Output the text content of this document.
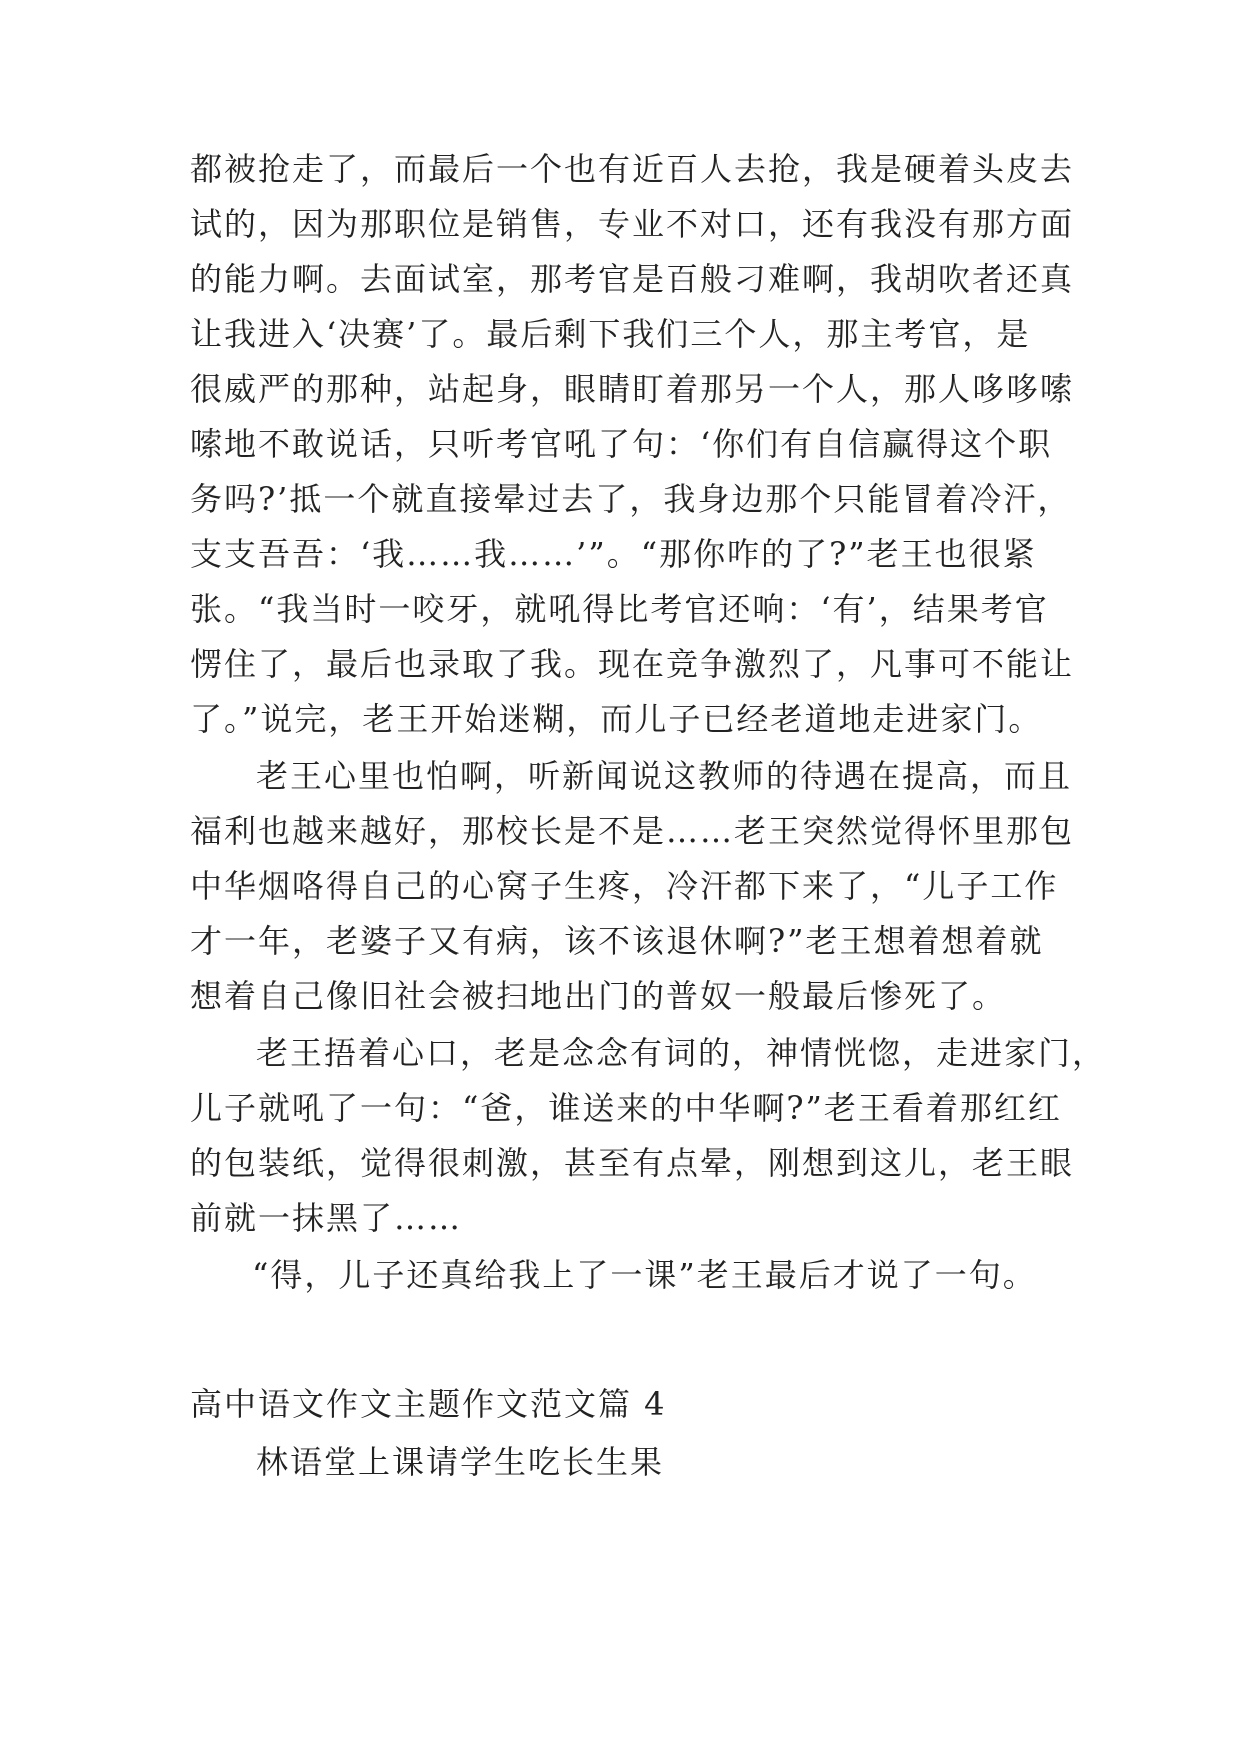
都被抢走了，而最后一个也有近百人去抢，我是硬着头皮去
试的，因为那职位是销售，专业不对口，还有我没有那方面
的能力啊。去面试室，那考官是百般刁难啊，我胡吹者还真
让我进入‘决赛’了。最后剩下我们三个人，那主考官，是
很威严的那种，站起身，眼睛盯着那另一个人，那人哆哆嗦
嗦地不敢说话，只听考官吼了句：‘你们有自信赢得这个职
务吗?’抵一个就直接晕过去了，我身边那个只能冒着冷汗，
支支吾吾：‘我……我……’”。“那你咋的了?”老王也很紧
张。“我当时一咬牙，就吼得比考官还响：‘有’，结果考官
愣住了，最后也录取了我。现在竞争激烈了，凡事可不能让
了。”说完，老王开始迷糊，而儿子已经老道地走进家门。
老王心里也怕啊，听新闻说这教师的待遇在提高，而且
福利也越来越好，那校长是不是……老王突然觉得怀里那包
中华烟咯得自己的心窝子生疼，冷汗都下来了，“儿子工作
才一年，老婆子又有病，该不该退休啊?”老王想着想着就
想着自己像旧社会被扫地出门的普奴一般最后惨死了。
老王捂着心口，老是念念有词的，神情恍惚，走进家门，
儿子就吼了一句：“爸，谁送来的中华啊?”老王看着那红红
的包装纸，觉得很刺激，甚至有点晕，刚想到这儿，老王眼
前就一抹黑了……
“得，儿子还真给我上了一课”老王最后才说了一句。
高中语文作文主题作文范文篇 4
林语堂上课请学生吃长生果
